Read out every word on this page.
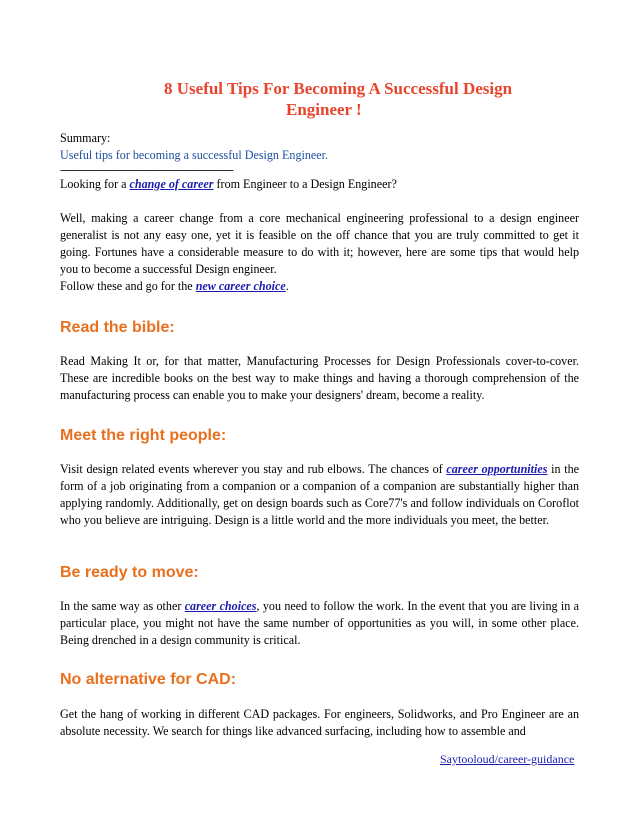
8 Useful Tips For Becoming A Successful Design
Engineer !
Summary:
Useful tips for becoming a successful Design Engineer.
-------------------------------------------------------------------------
Looking for a change of career from Engineer to a Design Engineer?
Well, making a career change from a core mechanical engineering professional to a design engineer generalist is not any easy one, yet it is feasible on the off chance that you are truly committed to get it going. Fortunes have a considerable measure to do with it; however, here are some tips that would help you to become a successful Design engineer.
Follow these and go for the new career choice.
Read the bible:
Read Making It or, for that matter, Manufacturing Processes for Design Professionals cover-to-cover. These are incredible books on the best way to make things and having a thorough comprehension of the manufacturing process can enable you to make your designers' dream, become a reality.
Meet the right people:
Visit design related events wherever you stay and rub elbows. The chances of career opportunities in the form of a job originating from a companion or a companion of a companion are substantially higher than applying randomly. Additionally, get on design boards such as Core77's and follow individuals on Coroflot who you believe are intriguing. Design is a little world and the more individuals you meet, the better.
Be ready to move:
In the same way as other career choices, you need to follow the work. In the event that you are living in a particular place, you might not have the same number of opportunities as you will, in some other place. Being drenched in a design community is critical.
No alternative for CAD:
Get the hang of working in different CAD packages. For engineers, Solidworks, and Pro Engineer are an absolute necessity. We search for things like advanced surfacing, including how to assemble and
Saytooloud/career-guidance
